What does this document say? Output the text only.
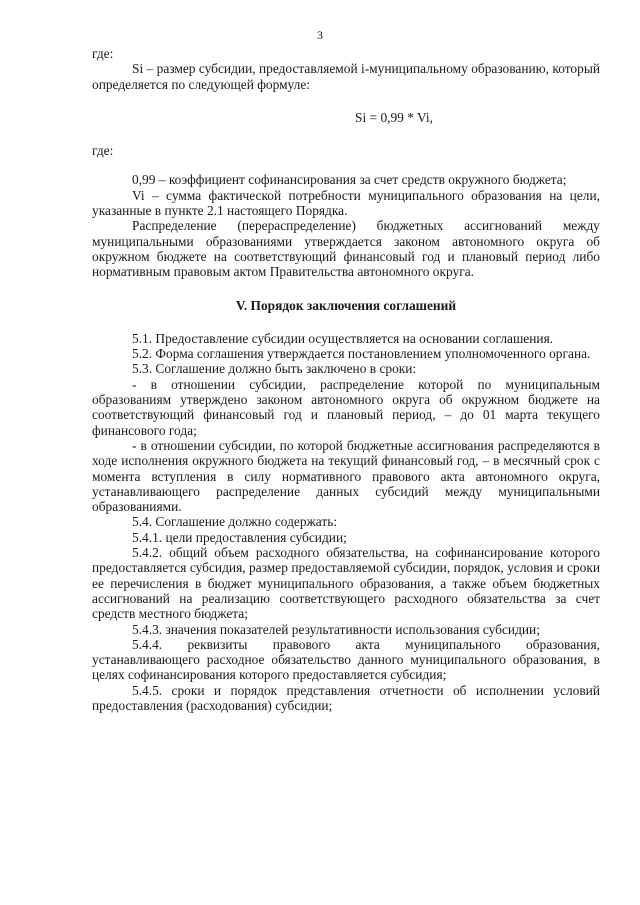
3

где:

Si – размер субсидии, предоставляемой i-муниципальному образованию, который определяется по следующей формуле:

Si = 0,99 * Vi,

где:

0,99 – коэффициент софинансирования за счет средств окружного бюджета;

Vi – сумма фактической потребности муниципального образования на цели, указанные в пункте 2.1 настоящего Порядка.

Распределение (перераспределение) бюджетных ассигнований между муниципальными образованиями утверждается законом автономного округа об окружном бюджете на соответствующий финансовый год и плановый период либо нормативным правовым актом Правительства автономного округа.

V. Порядок заключения соглашений

5.1. Предоставление субсидии осуществляется на основании соглашения.

5.2. Форма соглашения утверждается постановлением уполномоченного органа.

5.3. Соглашение должно быть заключено в сроки:

- в отношении субсидии, распределение которой по муниципальным образованиям утверждено законом автономного округа об окружном бюджете на соответствующий финансовый год и плановый период, – до 01 марта текущего финансового года;

- в отношении субсидии, по которой бюджетные ассигнования распределяются в ходе исполнения окружного бюджета на текущий финансовый год, – в месячный срок с момента вступления в силу нормативного правового акта автономного округа, устанавливающего распределение данных субсидий между муниципальными образованиями.

5.4. Соглашение должно содержать:

5.4.1. цели предоставления субсидии;

5.4.2. общий объем расходного обязательства, на софинансирование которого предоставляется субсидия, размер предоставляемой субсидии, порядок, условия и сроки ее перечисления в бюджет муниципального образования, а также объем бюджетных ассигнований на реализацию соответствующего расходного обязательства за счет средств местного бюджета;

5.4.3. значения показателей результативности использования субсидии;

5.4.4. реквизиты правового акта муниципального образования, устанавливающего расходное обязательство данного муниципального образования, в целях софинансирования которого предоставляется субсидия;

5.4.5. сроки и порядок представления отчетности об исполнении условий предоставления (расходования) субсидии;
